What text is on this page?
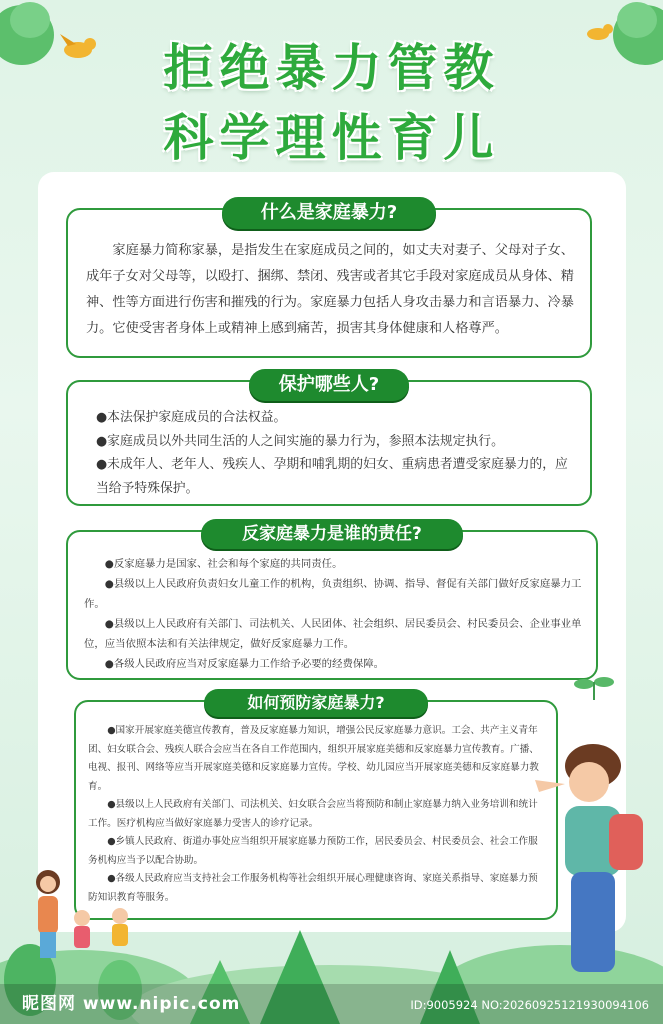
拒绝暴力管教
科学理性育儿
什么是家庭暴力?

家庭暴力简称家暴，是指发生在家庭成员之间的，如丈夫对妻子、父母对子女、成年子女对父母等，以殴打、捆绑、禁闭、残害或者其它手段对家庭成员从身体、精神、性等方面进行伤害和摧残的行为。家庭暴力包括人身攻击暴力和言语暴力、冷暴力。它使受害者身体上或精神上感到痛苦，损害其身体健康和人格尊严。

保护哪些人?
●本法保护家庭成员的合法权益。
●家庭成员以外共同生活的人之间实施的暴力行为，参照本法规定执行。
●未成年人、老年人、残疾人、孕期和哺乳期的妇女、重病患者遭受家庭暴力的，应当给予特殊保护。
反家庭暴力是谁的责任?
●反家庭暴力是国家、社会和每个家庭的共同责任。
●县级以上人民政府负责妇女儿童工作的机构，负责组织、协调、指导、督促有关部门做好反家庭暴力工作。
●县级以上人民政府有关部门、司法机关、人民团体、社会组织、居民委员会、村民委员会、企业事业单位，应当依照本法和有关法律规定，做好反家庭暴力工作。
●各级人民政府应当对反家庭暴力工作给予必要的经费保障。
如何预防家庭暴力?
●国家开展家庭美德宣传教育，普及反家庭暴力知识，增强公民反家庭暴力意识。工会、共产主义青年团、妇女联合会、残疾人联合会应当在各自工作范围内，组织开展家庭美德和反家庭暴力宣传教育。广播、电视、报刊、网络等应当开展家庭美德和反家庭暴力宣传。学校、幼儿园应当开展家庭美德和反家庭暴力教育。
●县级以上人民政府有关部门、司法机关、妇女联合会应当将预防和制止家庭暴力纳入业务培训和统计工作。医疗机构应当做好家庭暴力受害人的诊疗记录。
●乡镇人民政府、街道办事处应当组织开展家庭暴力预防工作，居民委员会、村民委员会、社会工作服务机构应当予以配合协助。
●各级人民政府应当支持社会工作服务机构等社会组织开展心理健康咨询、家庭关系指导、家庭暴力预防知识教育等服务。
昵图网 www.nipic.com	ID:9005924 NO:20260925121930094106
